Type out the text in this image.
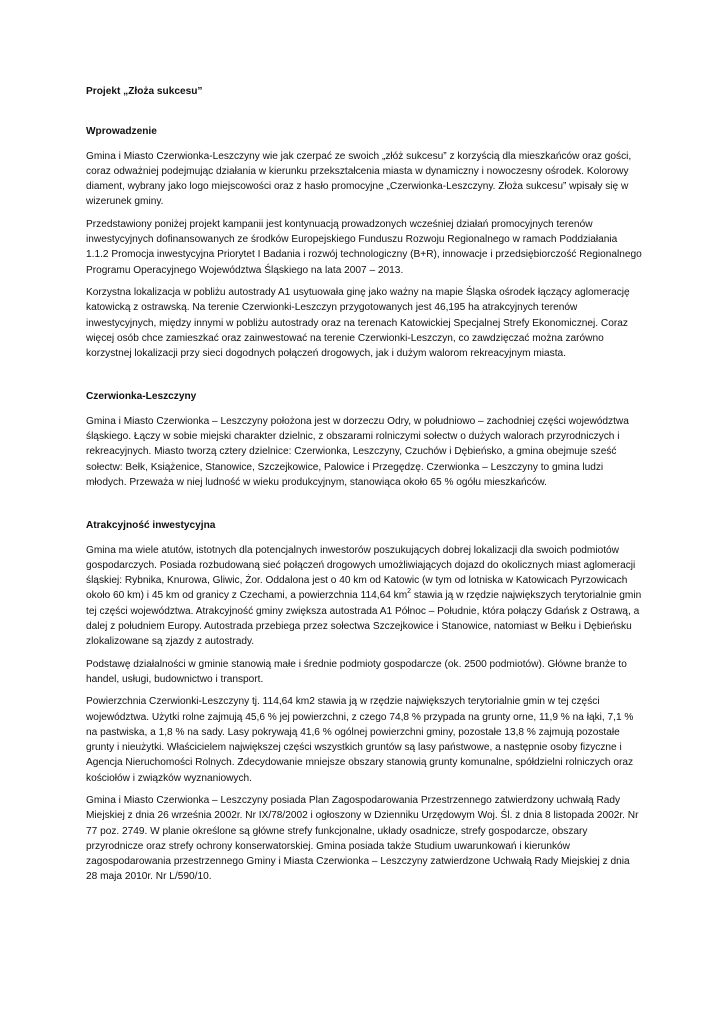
Projekt „Złoża sukcesu”
Wprowadzenie

Gmina i Miasto Czerwionka-Leszczyny wie jak czerpać ze swoich „złóż sukcesu” z korzyścią dla mieszkańców oraz gości, coraz odważniej podejmując działania w kierunku przekształcenia miasta w dynamiczny i nowoczesny ośrodek. Kolorowy diament, wybrany jako logo miejscowości oraz z hasło promocyjne „Czerwionka-Leszczyny. Złoża sukcesu” wpisały się w wizerunek gminy.

Przedstawiony poniżej projekt kampanii jest kontynuacją prowadzonych wcześniej działań promocyjnych terenów inwestycyjnych dofinansowanych ze środków Europejskiego Funduszu Rozwoju Regionalnego w ramach Poddziałania 1.1.2 Promocja inwestycyjna Priorytet I Badania i rozwój technologiczny (B+R), innowacje i przedsiębiorczość Regionalnego Programu Operacyjnego Województwa Śląskiego na lata 2007 – 2013.

Korzystna lokalizacja w pobliżu autostrady A1 usytuowała ginę jako ważny na mapie Śląska ośrodek łączący aglomerację katowicką z ostrawską. Na terenie Czerwionki-Leszczyn przygotowanych jest 46,195 ha atrakcyjnych terenów inwestycyjnych, między innymi w pobliżu autostrady oraz na terenach Katowickiej Specjalnej Strefy Ekonomicznej. Coraz więcej osób chce zamieszkać oraz zainwestować na terenie Czerwionki-Leszczyn, co zawdzięczać można zarówno korzystnej lokalizacji przy sieci dogodnych połączeń drogowych, jak i dużym walorom rekreacyjnym miasta.

Czerwionka-Leszczyny

Gmina i Miasto Czerwionka – Leszczyny położona jest w dorzeczu Odry, w południowo – zachodniej części województwa śląskiego. Łączy w sobie miejski charakter dzielnic, z obszarami rolniczymi sołectw o dużych walorach przyrodniczych i rekreacyjnych. Miasto tworzą cztery dzielnice: Czerwionka, Leszczyny, Czuchów i Dębieńsko, a gmina obejmuje sześć sołectw: Bełk, Książenice, Stanowice, Szczejkowice, Palowice i Przegędzę. Czerwionka – Leszczyny to gmina ludzi młodych. Przeważa w niej ludność w wieku produkcyjnym, stanowiąca około 65 % ogółu mieszkańców.

Atrakcyjność inwestycyjna

Gmina ma wiele atutów, istotnych dla potencjalnych inwestorów poszukujących dobrej lokalizacji dla swoich podmiotów gospodarczych. Posiada rozbudowaną sieć połączeń drogowych umożliwiających dojazd do okolicznych miast aglomeracji śląskiej: Rybnika, Knurowa, Gliwic, Żor. Oddalona jest o 40 km od Katowic (w tym od lotniska w Katowicach Pyrzowicach około 60 km) i 45 km od granicy z Czechami, a powierzchnia 114,64 $km^2$ stawia ją w rzędzie największych terytorialnie gmin tej części województwa. Atrakcyjność gminy zwiększa autostrada A1 Północ – Południe, która połączy Gdańsk z Ostrawą, a dalej z południem Europy. Autostrada przebiega przez sołectwa Szczejkowice i Stanowice, natomiast w Bełku i Dębieńsku zlokalizowane są zjazdy z autostrady.

Podstawę działalności w gminie stanowią małe i średnie podmioty gospodarcze (ok. 2500 podmiotów). Główne branże to handel, usługi, budownictwo i transport.

Powierzchnia Czerwionki-Leszczyny tj. 114,64 km2 stawia ją w rzędzie największych terytorialnie gmin w tej części województwa. Użytki rolne zajmują 45,6 % jej powierzchni, z czego 74,8 % przypada na grunty orne, 11,9 % na łąki, 7,1 % na pastwiska, a 1,8 % na sady. Lasy pokrywają 41,6 % ogólnej powierzchni gminy, pozostałe 13,8 % zajmują pozostałe grunty i nieużytki. Właścicielem największej części wszystkich gruntów są lasy państwowe, a następnie osoby fizyczne i Agencja Nieruchomości Rolnych. Zdecydowanie mniejsze obszary stanowią grunty komunalne, spółdzielni rolniczych oraz kościołów i związków wyznaniowych.

Gmina i Miasto Czerwionka – Leszczyny posiada Plan Zagospodarowania Przestrzennego zatwierdzony uchwałą Rady Miejskiej z dnia 26 września 2002r. Nr IX/78/2002 i ogłoszony w Dzienniku Urzędowym Woj. Śl. z dnia 8 listopada 2002r. Nr 77 poz. 2749. W planie określone są główne strefy funkcjonalne, układy osadnicze, strefy gospodarcze, obszary przyrodnicze oraz strefy ochrony konserwatorskiej. Gmina posiada także Studium uwarunkowań i kierunków zagospodarowania przestrzennego Gminy i Miasta Czerwionka – Leszczyny zatwierdzone Uchwałą Rady Miejskiej z dnia 28 maja 2010r. Nr L/590/10.
